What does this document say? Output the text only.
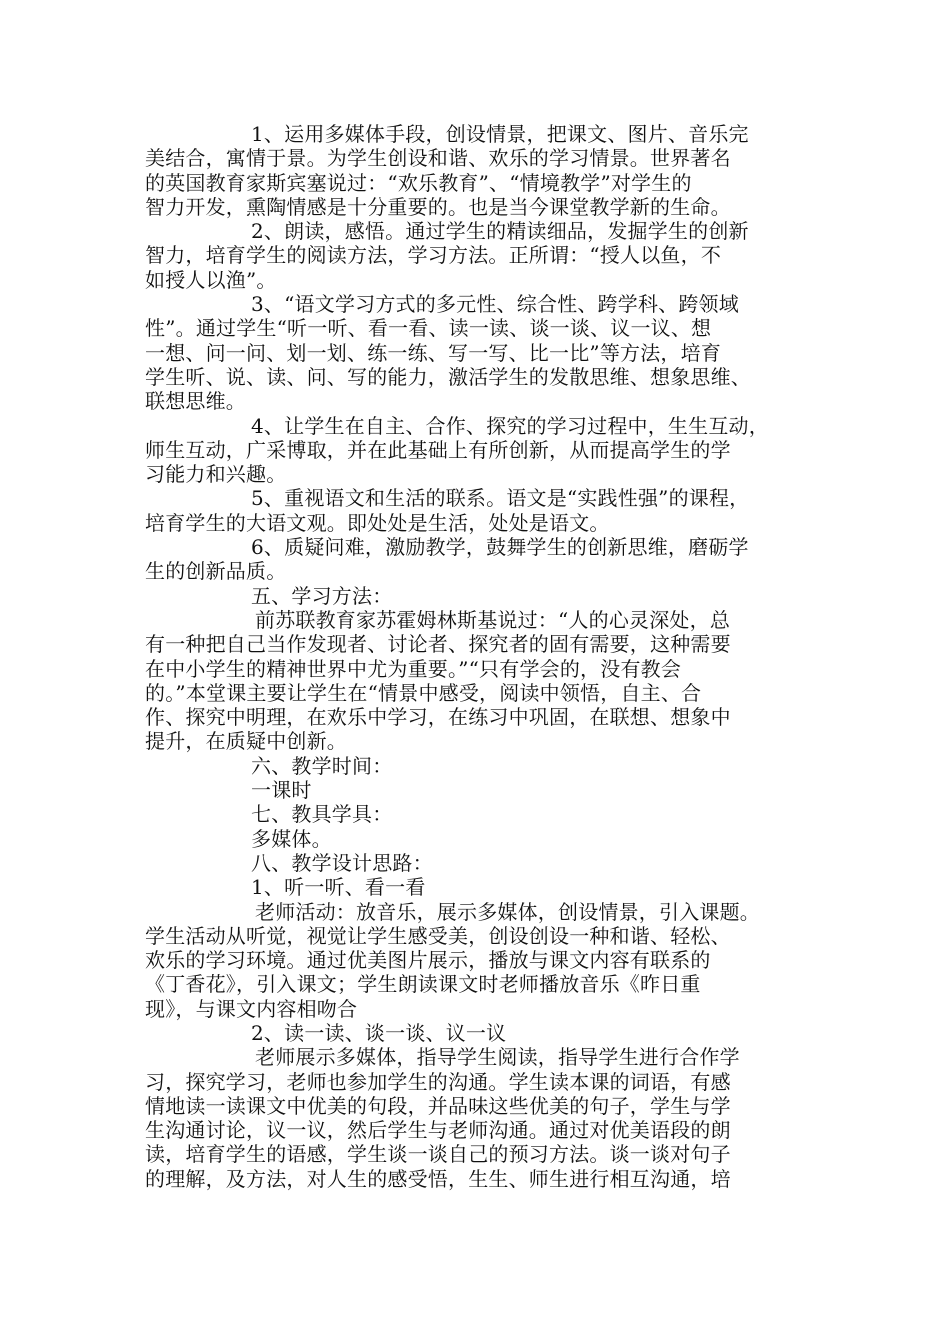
1、运用多媒体手段，创设情景，把课文、图片、音乐完
美结合，寓情于景。为学生创设和谐、欢乐的学习情景。世界著名
的英国教育家斯宾塞说过：“欢乐教育”、“情境教学”对学生的
智力开发，熏陶情感是十分重要的。也是当今课堂教学新的生命。
2、朗读，感悟。通过学生的精读细品，发掘学生的创新
智力，培育学生的阅读方法，学习方法。正所谓：“授人以鱼，不
如授人以渔”。
3、“语文学习方式的多元性、综合性、跨学科、跨领域
性”。通过学生“听一听、看一看、读一读、谈一谈、议一议、想
一想、问一问、划一划、练一练、写一写、比一比”等方法，培育
学生听、说、读、问、写的能力，激活学生的发散思维、想象思维、
联想思维。
4、让学生在自主、合作、探究的学习过程中，生生互动，
师生互动，广采博取，并在此基础上有所创新，从而提高学生的学
习能力和兴趣。
5、重视语文和生活的联系。语文是“实践性强”的课程，
培育学生的大语文观。即处处是生活，处处是语文。
6、质疑问难，激励教学，鼓舞学生的创新思维，磨砺学
生的创新品质。
五、学习方法：
前苏联教育家苏霍姆林斯基说过：“人的心灵深处，总
有一种把自己当作发现者、讨论者、探究者的固有需要，这种需要
在中小学生的精神世界中尤为重要。”“只有学会的，没有教会
的。”本堂课主要让学生在“情景中感受，阅读中领悟，自主、合
作、探究中明理，在欢乐中学习，在练习中巩固，在联想、想象中
提升，在质疑中创新。
六、教学时间：
一课时
七、教具学具：
多媒体。
八、教学设计思路：
1、听一听、看一看
老师活动：放音乐，展示多媒体，创设情景，引入课题。
学生活动从听觉，视觉让学生感受美，创设创设一种和谐、轻松、
欢乐的学习环境。通过优美图片展示，播放与课文内容有联系的
《丁香花》，引入课文；学生朗读课文时老师播放音乐《昨日重
现》，与课文内容相吻合
2、读一读、谈一谈、议一议
老师展示多媒体，指导学生阅读，指导学生进行合作学
习，探究学习，老师也参加学生的沟通。学生读本课的词语，有感
情地读一读课文中优美的句段，并品味这些优美的句子，学生与学
生沟通讨论，议一议，然后学生与老师沟通。通过对优美语段的朗
读，培育学生的语感，学生谈一谈自己的预习方法。谈一谈对句子
的理解，及方法，对人生的感受悟，生生、师生进行相互沟通，培
